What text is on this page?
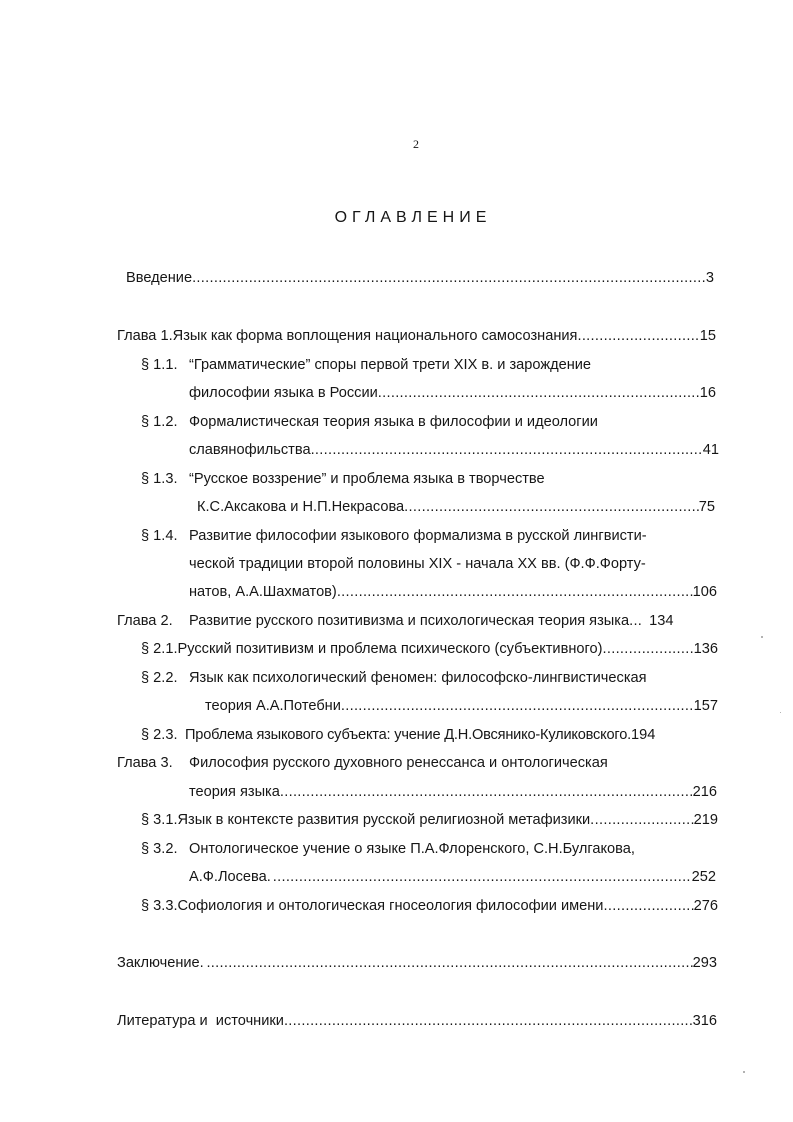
2
ОГЛАВЛЕНИЕ
Введение .....	3
Глава 1. Язык как форма воплощения национального самосознания .....	15
§ 1.1. “Грамматические” споры первой трети XIX в. и зарождение
философии языка в России .....	16
§ 1.2. Формалистическая теория языка в философии и идеологии
славянофильства .....	41
§ 1.3. “Русское воззрение” и проблема языка в творчестве
К.С.Аксакова и Н.П.Некрасова .....	75
§ 1.4. Развитие философии языкового формализма в русской лингвисти-
ческой традиции второй половины XIX - начала XX вв. (Ф.Ф.Форту-
натов, А.А.Шахматов) .....	106
Глава 2.	Развитие русского позитивизма и психологическая теория языка ..... 134
§ 2.1. Русский позитивизм и проблема психического (субъективного) .....	136
§ 2.2. Язык как психологический феномен: философско-лингвистическая
теория А.А.Потебни .....	157
§ 2.3. Проблема языкового субъекта: учение Д.Н.Овсянико-Куликовского. 194
Глава 3.	Философия русского духовного ренессанса и онтологическая
теория языка .....	216
§ 3.1. Язык в контексте развития русской религиозной метафизики. .....	219
§ 3.2. Онтологическое учение о языке П.А.Флоренского, С.Н.Булгакова,
А.Ф.Лосева. .....	252
§ 3.3. Софиология и онтологическая гносеология философии имени. .....	276
Заключение. .....	293
Литература и  источники .....	316
